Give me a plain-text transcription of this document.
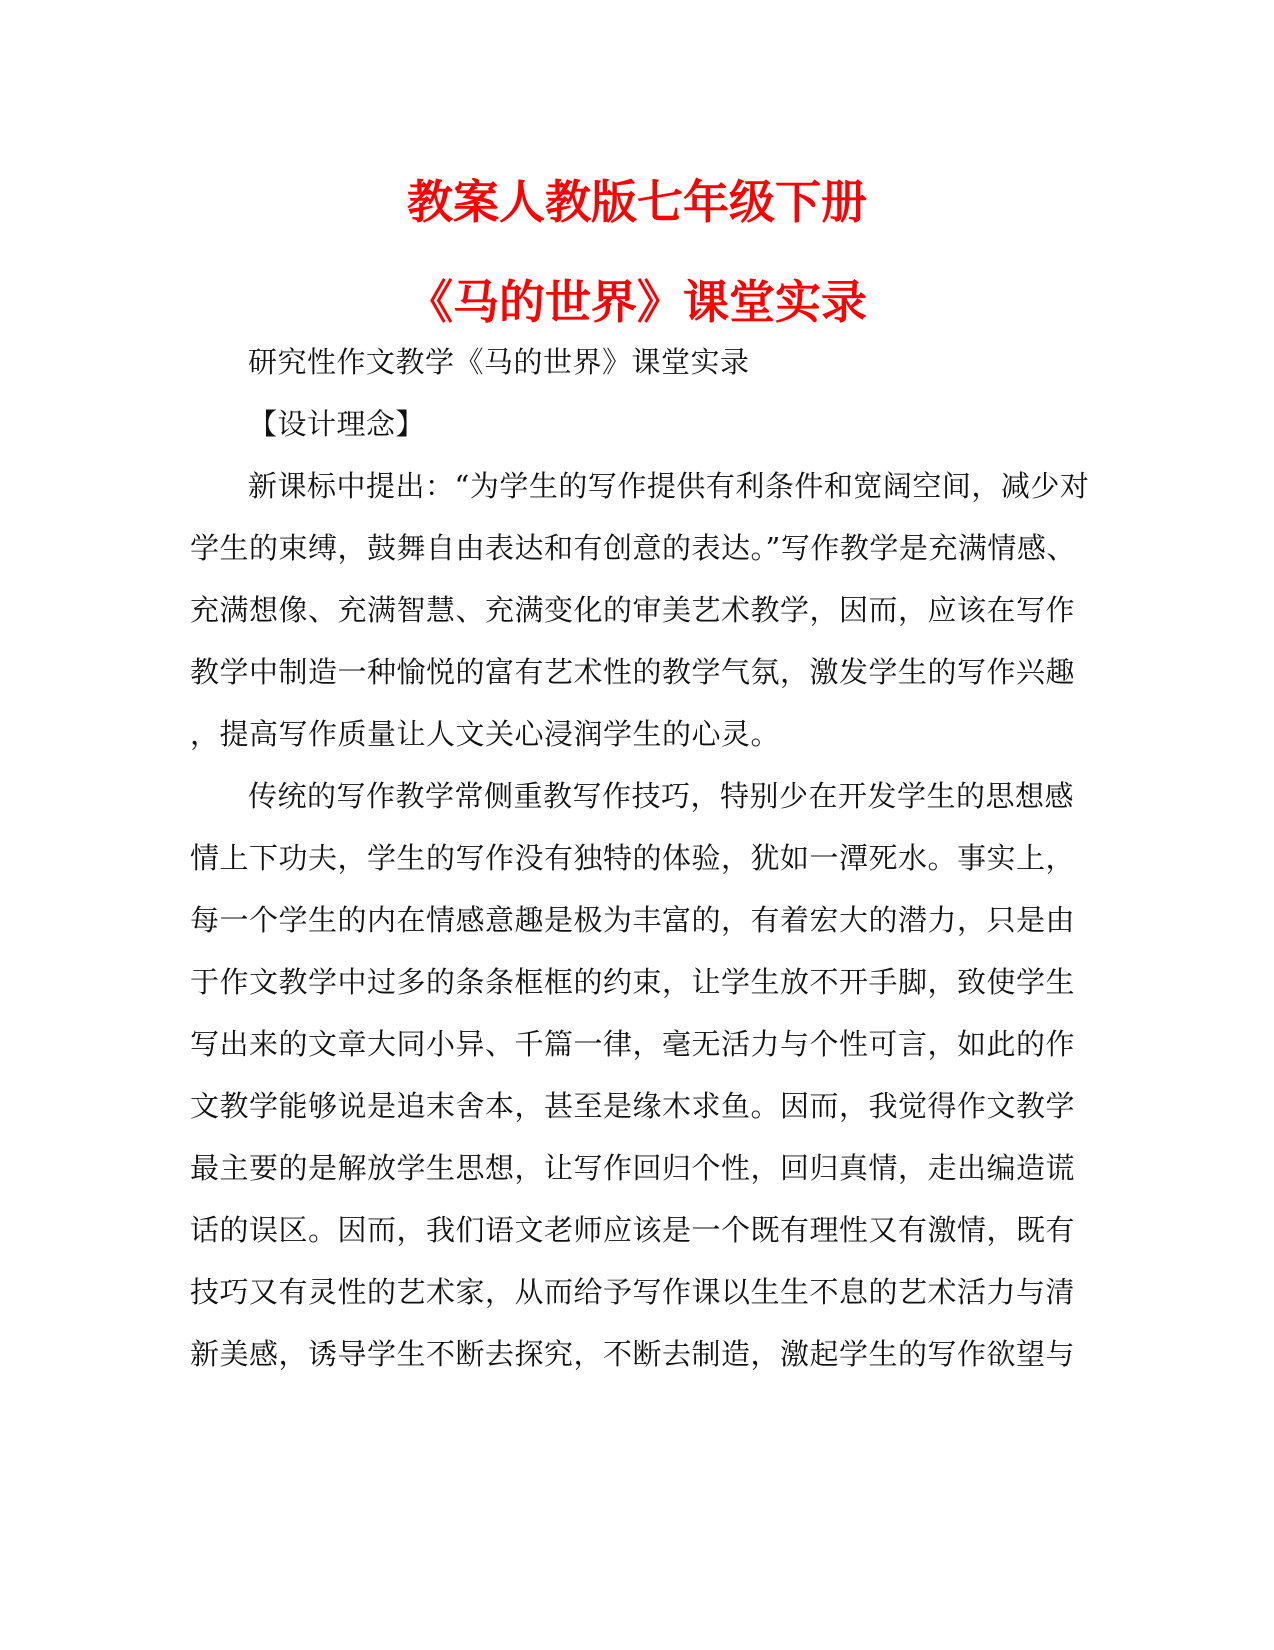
教案人教版七年级下册
《马的世界》课堂实录
研究性作文教学《马的世界》课堂实录
【设计理念】
新课标中提出：“为学生的写作提供有利条件和宽阔空间，减少对
学生的束缚，鼓舞自由表达和有创意的表达。”写作教学是充满情感、
充满想像、充满智慧、充满变化的审美艺术教学，因而，应该在写作
教学中制造一种愉悦的富有艺术性的教学气氛，激发学生的写作兴趣
，提高写作质量让人文关心浸润学生的心灵。
传统的写作教学常侧重教写作技巧，特别少在开发学生的思想感
情上下功夫，学生的写作没有独特的体验，犹如一潭死水。事实上，
每一个学生的内在情感意趣是极为丰富的，有着宏大的潜力，只是由
于作文教学中过多的条条框框的约束，让学生放不开手脚，致使学生
写出来的文章大同小异、千篇一律，毫无活力与个性可言，如此的作
文教学能够说是追末舍本，甚至是缘木求鱼。因而，我觉得作文教学
最主要的是解放学生思想，让写作回归个性，回归真情，走出编造谎
话的误区。因而，我们语文老师应该是一个既有理性又有激情，既有
技巧又有灵性的艺术家，从而给予写作课以生生不息的艺术活力与清
新美感，诱导学生不断去探究，不断去制造，激起学生的写作欲望与
